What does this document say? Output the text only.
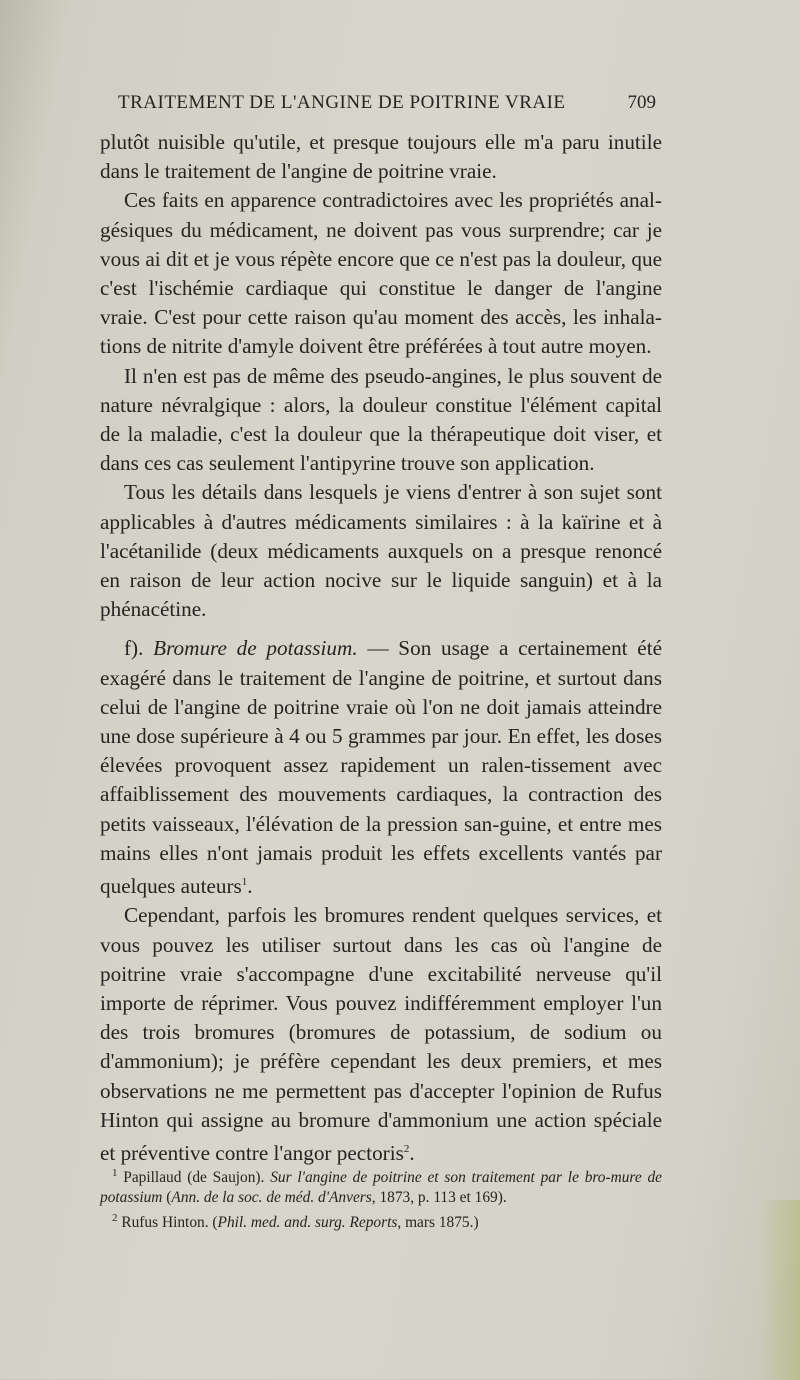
TRAITEMENT DE L'ANGINE DE POITRINE VRAIE	709

plutôt nuisible qu'utile, et presque toujours elle m'a paru inutile dans le traitement de l'angine de poitrine vraie.

Ces faits en apparence contradictoires avec les propriétés anal-gésiques du médicament, ne doivent pas vous surprendre; car je vous ai dit et je vous répète encore que ce n'est pas la douleur, que c'est l'ischémie cardiaque qui constitue le danger de l'angine vraie. C'est pour cette raison qu'au moment des accès, les inhala-tions de nitrite d'amyle doivent être préférées à tout autre moyen.

Il n'en est pas de même des pseudo-angines, le plus souvent de nature névralgique : alors, la douleur constitue l'élément capital de la maladie, c'est la douleur que la thérapeutique doit viser, et dans ces cas seulement l'antipyrine trouve son application.

Tous les détails dans lesquels je viens d'entrer à son sujet sont applicables à d'autres médicaments similaires : à la kaïrine et à l'acétanilide (deux médicaments auxquels on a presque renoncé en raison de leur action nocive sur le liquide sanguin) et à la phénacétine.

f). Bromure de potassium. — Son usage a certainement été exagéré dans le traitement de l'angine de poitrine, et surtout dans celui de l'angine de poitrine vraie où l'on ne doit jamais atteindre une dose supérieure à 4 ou 5 grammes par jour. En effet, les doses élevées provoquent assez rapidement un ralen-tissement avec affaiblissement des mouvements cardiaques, la contraction des petits vaisseaux, l'élévation de la pression san-guine, et entre mes mains elles n'ont jamais produit les effets excellents vantés par quelques auteurs$^1$.

Cependant, parfois les bromures rendent quelques services, et vous pouvez les utiliser surtout dans les cas où l'angine de poitrine vraie s'accompagne d'une excitabilité nerveuse qu'il importe de réprimer. Vous pouvez indifféremment employer l'un des trois bromures (bromures de potassium, de sodium ou d'ammonium); je préfère cependant les deux premiers, et mes observations ne me permettent pas d'accepter l'opinion de Rufus Hinton qui assigne au bromure d'ammonium une action spéciale et préventive contre l'angor pectoris$^2$.

$^1$ Papillaud (de Saujon). Sur l'angine de poitrine et son traitement par le bro-mure de potassium (Ann. de la soc. de méd. d'Anvers, 1873, p. 113 et 169).

$^2$ Rufus Hinton. (Phil. med. and. surg. Reports, mars 1875.)
